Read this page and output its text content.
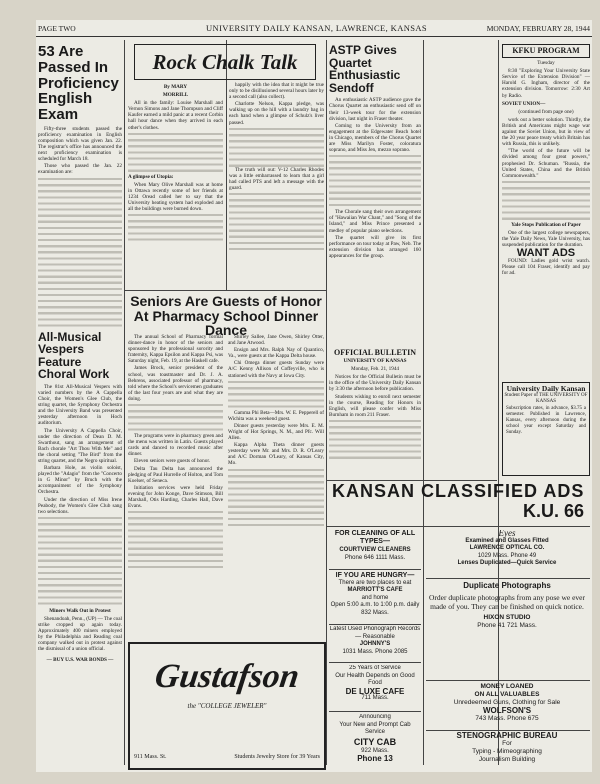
PAGE TWO	UNIVERSITY DAILY KANSAN, LAWRENCE, KANSAS	MONDAY, FEBRUARY 28, 1944
53 Are Passed In Proficiency English Exam

Fifty-three students passed the proficiency examination in English composition which was given Jan. 22. The registrar's office has announced the next proficiency examination is scheduled for March 18.

Those who passed the Jan. 22 examination are:

All-Musical Vespers Feature Choral Work

The 81st All-Musical Vespers with varied numbers by the A Cappella Choir, the Women's Glee Club, the string quartet, the Symphony Orchestra and the University Band was presented yesterday afternoon in Hoch auditorium.

The University A Cappella Choir, under the direction of Dean D. M. Swarthout, sang an arrangement of Bach chorale "Art Thou With Me" and the choral setting "The Bird" from the string quartet, and the Negro spiritual.

Barbara Hole, as violin soloist, played the "Adagio" from the "Concerto in G Minor" by Bruch with the accompaniment of the Symphony Orchestra.

Under the direction of Miss Irene Peabody, the Women's Glee Club sang two selections.

Miners Walk Out in Protest

Shenandoah, Penn., (UP) — The coal strike cropped up again today. Approximately 400 miners employed by the Philadelphia and Reading coal company walked out in protest against the dismissal of a union official.

— BUY U.S. WAR BONDS —
Rock Chalk Talk
By MARY
MORRILL

All in the family: Louise Marshall and Vernon Simons and Jane Thompson and Cliff Kaufer earned a mild panic at a recent Corbin hall hour dance when they arrived in each other's clothes.

A glimpse of Utopia:

When Mary Olive Marshall was at home in Ottawa recently some of her friends at 1234 Oread called her to say that the University heating system had exploded and all the buildings were burned down.

happily with the idea that it might be true only to be disillusioned several hours later by a second call (also collect).

Charlotte Nelson, Kappa pledge, was walking up on the hill with a laundry bag in each hand when a glimpse of Schulz's liver passed.

The truth will out: V-12 Charles Rhodes was a little embarrassed to learn that a girl had called PTS and left a message with the guard.

Seniors Are Guests of Honor At Pharmacy School Dinner Dance

The annual School of Pharmacy formal dinner-dance in honor of the seniors and sponsored by the professional sorority and fraternity, Kappa Epsilon and Kappa Psi, was Saturday night, Feb. 19, at the Haskell cafe.

James Brock, senior president of the school, was toastmaster and Dr. J. A. Behrens, associated professor of pharmacy, told where the School's servicemen graduates of the last four years are and what they are doing.

The programs were in pharmacy green and the menu was written in Latin. Guests played cards and danced to recorded music after dinner.

Eleven seniors were guests of honor.

Delta Tau Delta has announced the pledging of Paul Hurrelle of Holton, and Tom Koelser, of Seneca.

Initiation services were held Friday evening for John Konge, Dave Stimson, Bill Marshall, Otis Harding, Charles Hall, Dave Evans.

Shirley Sallee, Jane Owen, Shirley Otter, and Jane Atwood.

Ensign and Mrs. Ralph Nay of Quantico, Va., were guests at the Kappa Delta house.

Chi Omega dinner guests Sunday were A/C Kenny Allison of Coffeyville, who is stationed with the Navy at Iowa City.

Gamma Phi Beta—Mrs. W. E. Pepperell of Wichita was a weekend guest.

Dinner guests yesterday were Mrs. E. M. Wright of Hot Springs, N. M., and Pfc. Will Allen.

Kappa Alpha Theta dinner guests yesterday were Mr. and Mrs. D. R. O'Leary and A/C Dorman O'Leary, of Kansas City, Mo.

Gustafson
the "COLLEGE JEWELER"
911 Mass. St.	Students Jewelry Store for 39 Years
ASTP Gives Quartet Enthusiastic Sendoff

An enthusiastic ASTP audience gave the Chorus Quartet an enthusiastic send off on their 13-week tour for the extension division, last night in Fraser theater.

Coming to the University from an engagement at the Edgewater Beach hotel in Chicago, members of the Chorus Quartet are Miss Marilyn Foster, coloratura soprano, and Miss Jen, mezzo soprano.

The Chorale sang their own arrangement of "Hawaiian War Chant," and "Song of the Island," and Miss Prince presented a medley of popular piano selections.

The quartet will give its first performance on tour today at Paw, Neb. The extension division has arranged 160 appearances for the group.

OFFICIAL BULLETIN
UNIVERSITY OF KANSAS
Monday, Feb. 21, 1944

Notices for the Official Bulletin must be in the office of the University Daily Kansan by 3:30 the afternoon before publication.

Students wishing to enroll next semester in the course, Reading for Honors in English, will please confer with Miss Burnham in room 211 Fraser.

KFKU PROGRAM
Tuesday

8:30 "Exploring Your University State Service of the Extension Division" — Harold G. Ingham, director of the extension division. Tomorrow: 2:30 Art by Radio.

SOVIET UNION—
(continued from page one)

work out a better solution. Thirdly, the British and Americans might wage war against the Soviet Union, but in view of the 20 year peace treaty which Britain has with Russia, this is unlikely.

"The world of the future will be divided among four great powers," prophesied Dr. Schuman. "Russia, the United States, China and the British Commonwealth."

Yale Stops Publication of Paper

One of the largest college newspapers, the Yale Daily News, Yale University, has suspended publication for the duration.

WANT ADS

FOUND: Ladies gold wrist watch. Please call 104 Fraser, identify and pay for ad.

University Daily Kansan
Student Paper of THE UNIVERSITY OF KANSAS
Subscription rates, in advance, $3.75 a semester. Published in Lawrence, Kansas, every afternoon during the school year except Saturday and Sunday.
KANSAN CLASSIFIED ADS
K.U. 66
FOR CLEANING OF ALL TYPES—
COURTVIEW CLEANERS
Phone 646 1111 Mass.
IF YOU ARE HUNGRY—
There are two places to eat
MARRIOTT'S CAFE
and home
Open 5:00 a.m. to 1:00 p.m. daily
832 Mass.
Latest Used Phonograph Records — Reasonable
JOHNNY'S
1031 Mass. Phone 2085
25 Years of Service
Our Health Depends on Good Food
DE LUXE CAFE
711 Mass.
Announcing
Your New and Prompt Cab Service
CITY CAB
922 Mass.
Phone 13
Eyes
Examined and Glasses Fitted
LAWRENCE OPTICAL CO.
1029 Mass. Phone 49
Lenses Duplicated—Quick Service
Duplicate Photographs
Order duplicate photographs from any pose we ever made of you. They can be finished on quick notice.
HIXON STUDIO
Phone 41 721 Mass.
MONEY LOANED
ON ALL VALUABLES
Unredeemed Guns, Clothing for Sale
WOLFSON'S
743 Mass. Phone 675
STENOGRAPHIC BUREAU
For
Typing - Mimeographing
Journalism Building
